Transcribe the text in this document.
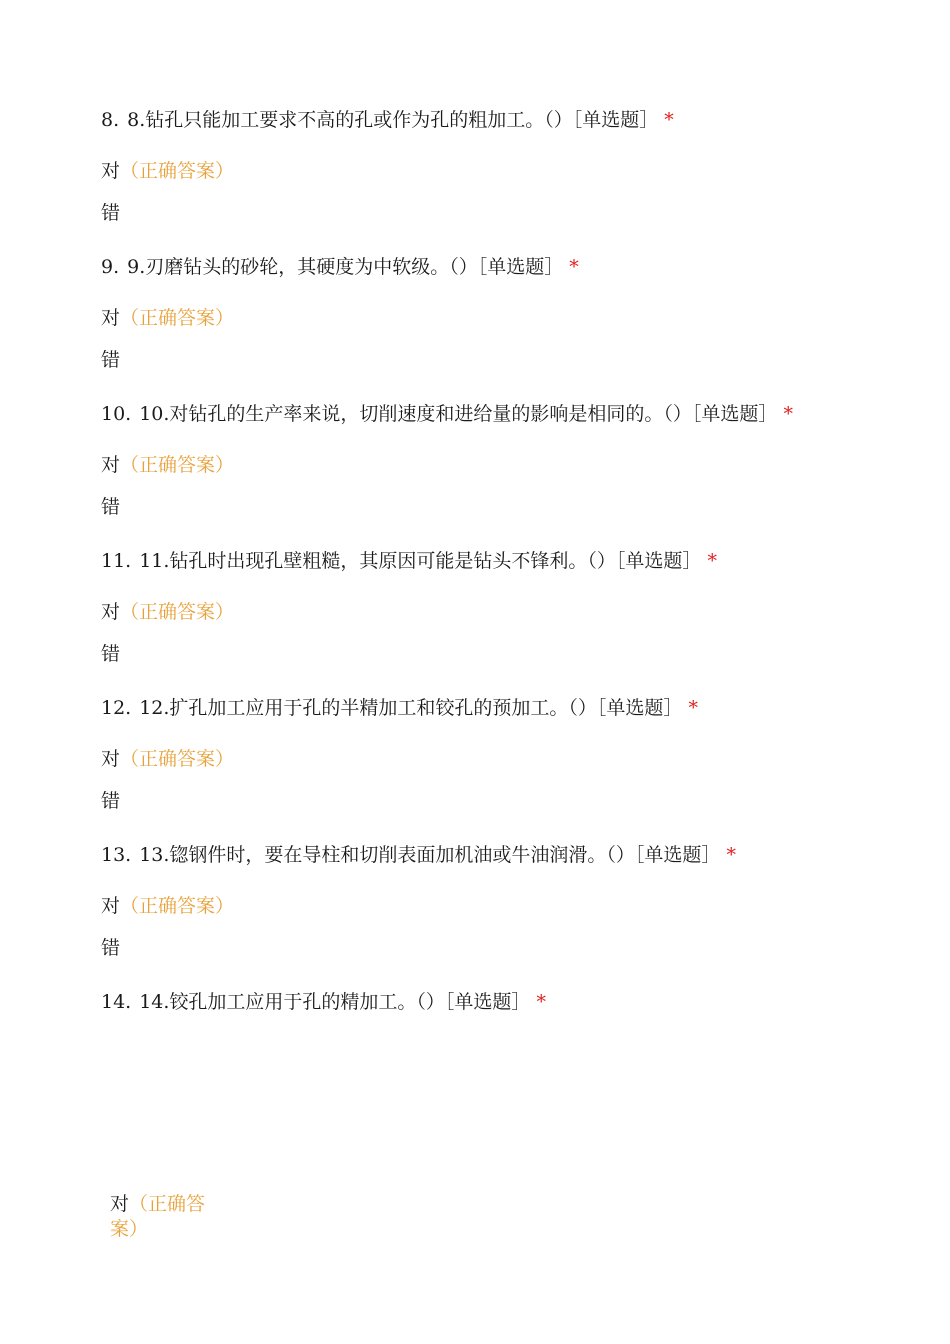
8. 8.钻孔只能加工要求不高的孔或作为孔的粗加工。（）［单选题］ *
对（正确答案）
错
9. 9.刃磨钻头的砂轮，其硬度为中软级。（）［单选题］ *
对（正确答案）
错
10. 10.对钻孔的生产率来说，切削速度和进给量的影响是相同的。（）［单选题］ *
对（正确答案）
错
11. 11.钻孔时出现孔壁粗糙，其原因可能是钻头不锋利。（）［单选题］ *
对（正确答案）
错
12. 12.扩孔加工应用于孔的半精加工和铰孔的预加工。（）［单选题］ *
对（正确答案）
错
13. 13.锪钢件时，要在导柱和切削表面加机油或牛油润滑。（）［单选题］ *
对（正确答案）
错
14. 14.铰孔加工应用于孔的精加工。（）［单选题］ *
对（正确答案）
